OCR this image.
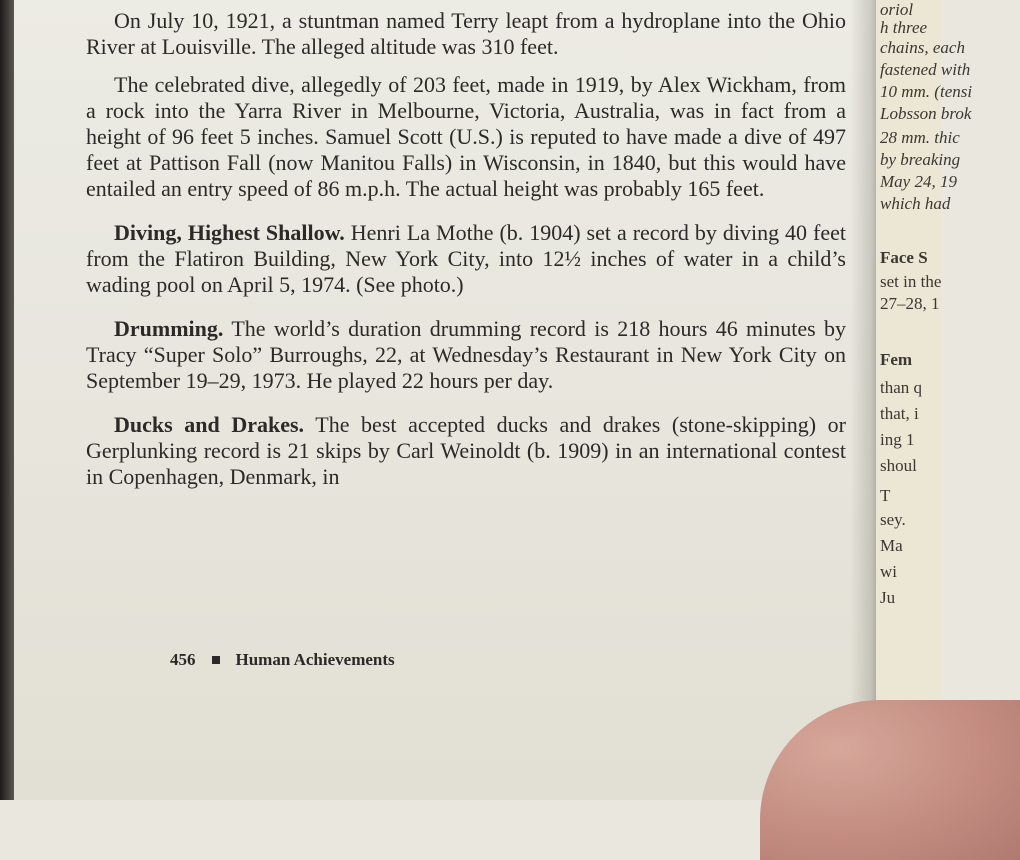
On July 10, 1921, a stuntman named Terry leapt from a hydroplane into the Ohio River at Louisville. The alleged altitude was 310 feet.

The celebrated dive, allegedly of 203 feet, made in 1919, by Alex Wickham, from a rock into the Yarra River in Melbourne, Victoria, Australia, was in fact from a height of 96 feet 5 inches. Samuel Scott (U.S.) is reputed to have made a dive of 497 feet at Pattison Fall (now Manitou Falls) in Wisconsin, in 1840, but this would have entailed an entry speed of 86 m.p.h. The actual height was probably 165 feet.

Diving, Highest Shallow. Henri La Mothe (b. 1904) set a record by diving 40 feet from the Flatiron Building, New York City, into 12½ inches of water in a child’s wading pool on April 5, 1974. (See photo.)

Drumming. The world’s duration drumming record is 218 hours 46 minutes by Tracy “Super Solo” Burroughs, 22, at Wednesday’s Restaurant in New York City on September 19–29, 1973. He played 22 hours per day.

Ducks and Drakes. The best accepted ducks and drakes (stone-skipping) or Gerplunking record is 21 skips by Carl Weinoldt (b. 1909) in an international contest in Copenhagen, Denmark, in

456 Human Achievements
oriol
h three
chains, each
fastened with
10 mm. (tensi
Lobsson brok
28 mm. thic
by breaking
May 24, 19
which had
Face S
set in the
27–28, 1
Fem
than q
that, i
ing 1
shoul
T
sey.
Ma
wi
Ju
